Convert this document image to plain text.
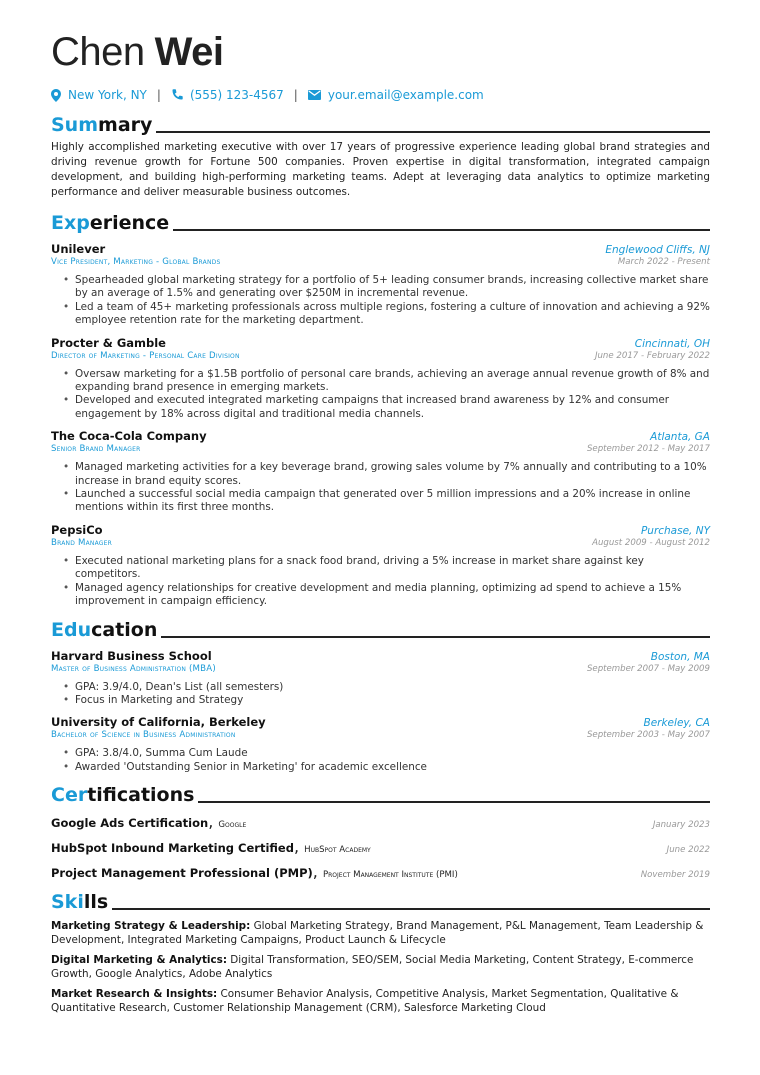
Chen Wei
New York, NY | (555) 123-4567 |	your.email@example.com
Summary

Highly accomplished marketing executive with over 17 years of progressive experience leading global brand strategies and driving revenue growth for Fortune 500 companies. Proven expertise in digital transformation, integrated campaign development, and building high-performing marketing teams. Adept at leveraging data analytics to optimize marketing performance and deliver measurable business outcomes.

Experience
Unilever	Englewood Cliffs, NJ
Vice President, Marketing - Global Brands	March 2022 - Present
• Spearheaded global marketing strategy for a portfolio of 5+ leading consumer brands, increasing collective market share by an average of 1.5% and generating over $250M in incremental revenue.
• Led a team of 45+ marketing professionals across multiple regions, fostering a culture of innovation and achieving a 92% employee retention rate for the marketing department.
Procter & Gamble	Cincinnati, OH
Director of Marketing - Personal Care Division	June 2017 - February 2022
• Oversaw marketing for a $1.5B portfolio of personal care brands, achieving an average annual revenue growth of 8% and expanding brand presence in emerging markets.
• Developed and executed integrated marketing campaigns that increased brand awareness by 12% and consumer engagement by 18% across digital and traditional media channels.
The Coca-Cola Company	Atlanta, GA
Senior Brand Manager	September 2012 - May 2017
• Managed marketing activities for a key beverage brand, growing sales volume by 7% annually and contributing to a 10% increase in brand equity scores.
• Launched a successful social media campaign that generated over 5 million impressions and a 20% increase in online mentions within its first three months.
PepsiCo	Purchase, NY
Brand Manager	August 2009 - August 2012
• Executed national marketing plans for a snack food brand, driving a 5% increase in market share against key competitors.
• Managed agency relationships for creative development and media planning, optimizing ad spend to achieve a 15% improvement in campaign efficiency.
Education
Harvard Business School	Boston, MA
Master of Business Administration (MBA)	September 2007 - May 2009
• GPA: 3.9/4.0, Dean's List (all semesters)
• Focus in Marketing and Strategy
University of California, Berkeley	Berkeley, CA
Bachelor of Science in Business Administration	September 2003 - May 2007
• GPA: 3.8/4.0, Summa Cum Laude
• Awarded 'Outstanding Senior in Marketing' for academic excellence
Certifications
Google Ads Certification, Google	January 2023
HubSpot Inbound Marketing Certified, HubSpot Academy	June 2022
Project Management Professional (PMP), Project Management Institute (PMI)	November 2019
Skills
Marketing Strategy & Leadership: Global Marketing Strategy, Brand Management, P&L Management, Team Leadership & Development, Integrated Marketing Campaigns, Product Launch & Lifecycle
Digital Marketing & Analytics: Digital Transformation, SEO/SEM, Social Media Marketing, Content Strategy, E-commerce Growth, Google Analytics, Adobe Analytics
Market Research & Insights: Consumer Behavior Analysis, Competitive Analysis, Market Segmentation, Qualitative & Quantitative Research, Customer Relationship Management (CRM), Salesforce Marketing Cloud
